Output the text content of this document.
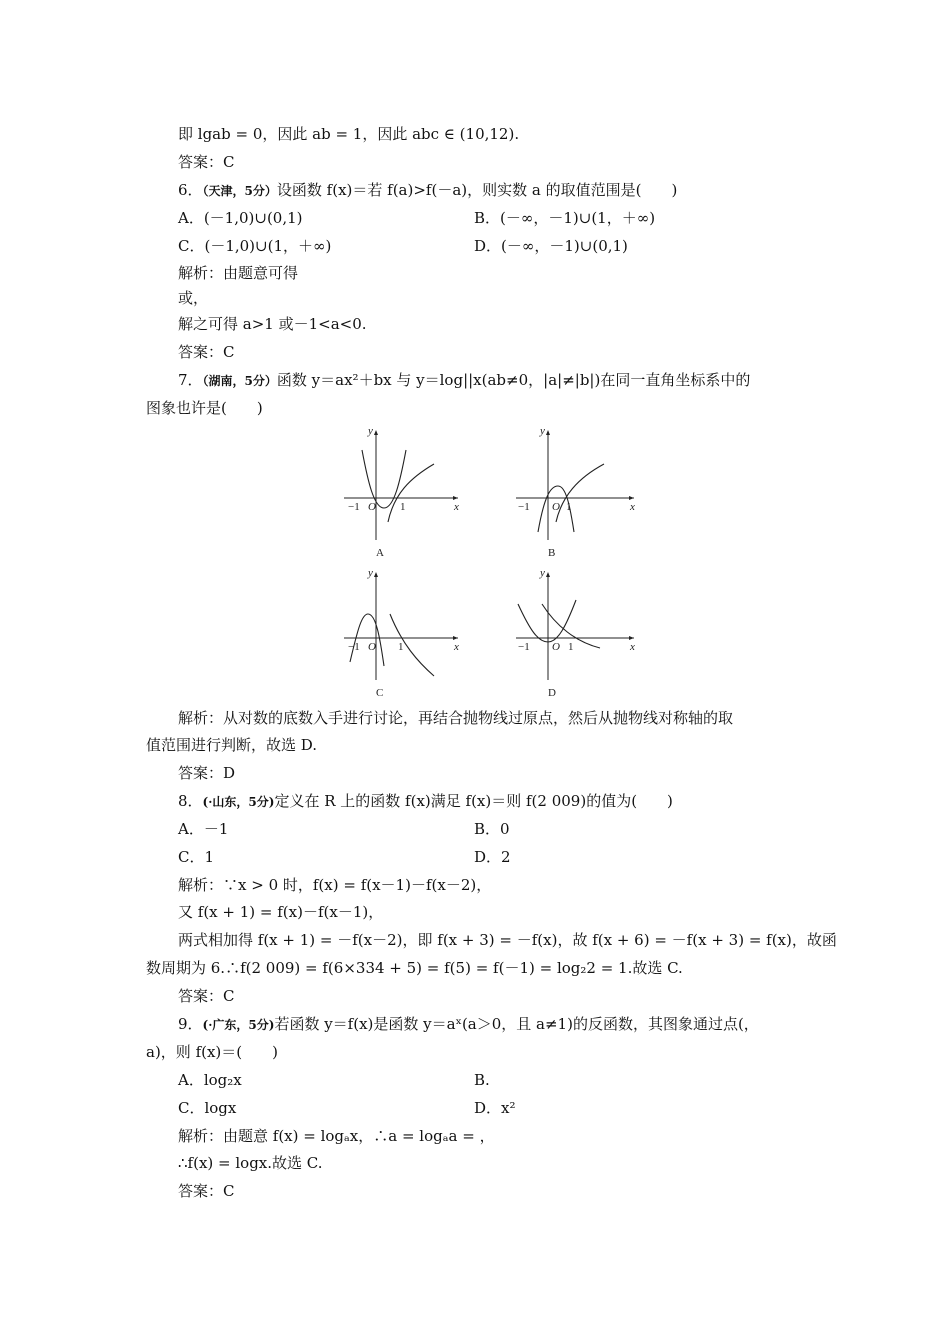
即 lgab = 0，因此 ab = 1，因此 abc ∈ (10,12).
答案：C
6．（天津，5分）设函数 f(x)＝若 f(a)>f(－a)，则实数 a 的取值范围是(　　)
A．(－1,0)∪(0,1)	B．(－∞，－1)∪(1，＋∞)
C．(－1,0)∪(1，＋∞)	D．(－∞，－1)∪(0,1)
解析：由题意可得
或，
解之可得 a>1 或－1<a<0.
答案：C
7．（湖南，5分）函数 y＝ax²＋bx 与 y＝log||x(ab≠0，|a|≠|b|)在同一直角坐标系中的
图象也许是(　　)
y
x
O
−1	1
A
y
x
O
−1	1
B
y
x
O
−1	1
C
y
x
O
−1	1
D
解析：从对数的底数入手进行讨论，再结合抛物线过原点，然后从抛物线对称轴的取
值范围进行判断，故选 D.
答案：D
8．(·山东，5分)定义在 R 上的函数 f(x)满足 f(x)＝则 f(2 009)的值为(　　)
A．－1	B．0
C．1	D．2
解析：∵x > 0 时，f(x) = f(x－1)－f(x－2)，
又 f(x + 1) = f(x)－f(x－1)，
两式相加得 f(x + 1) = －f(x－2)，即 f(x + 3) = －f(x)，故 f(x + 6) = －f(x + 3) = f(x)，故函
数周期为 6.∴f(2 009) = f(6×334 + 5) = f(5) = f(－1) = log₂2 = 1.故选 C.
答案：C
9．(·广东，5分)若函数 y＝f(x)是函数 y＝aˣ(a＞0，且 a≠1)的反函数，其图象通过点(，
a)，则 f(x)＝(　　)
A．log₂x	B.
C．logx	D．x²
解析：由题意 f(x) = logₐx，∴a = logₐa = ，
∴f(x) = logx.故选 C.
答案：C
